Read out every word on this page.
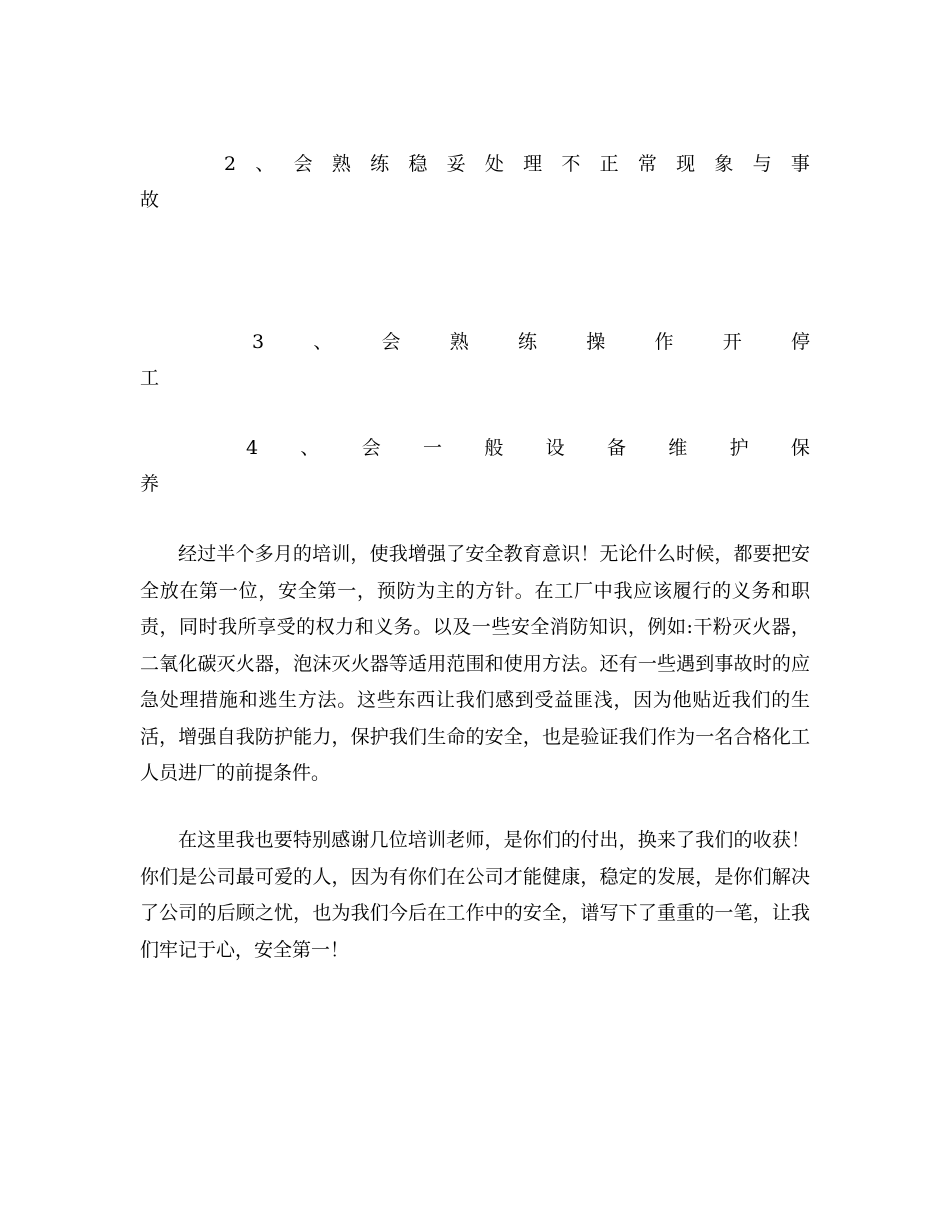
2 、 会 熟 练 稳 妥 处 理 不 正 常 现 象 与 事
故
3	、	会	熟	练	操	作	开	停
工
4 、 会 一 般 设 备 维 护 保
养

经过半个多月的培训，使我增强了安全教育意识！无论什么时候，都要把安全放在第一位，安全第一，预防为主的方针。在工厂中我应该履行的义务和职责，同时我所享受的权力和义务。以及一些安全消防知识，例如:干粉灭火器，二氧化碳灭火器，泡沫灭火器等适用范围和使用方法。还有一些遇到事故时的应急处理措施和逃生方法。这些东西让我们感到受益匪浅，因为他贴近我们的生活，增强自我防护能力，保护我们生命的安全，也是验证我们作为一名合格化工人员进厂的前提条件。

在这里我也要特别感谢几位培训老师，是你们的付出，换来了我们的收获！你们是公司最可爱的人，因为有你们在公司才能健康，稳定的发展，是你们解决了公司的后顾之忧，也为我们今后在工作中的安全，谱写下了重重的一笔，让我们牢记于心，安全第一！
